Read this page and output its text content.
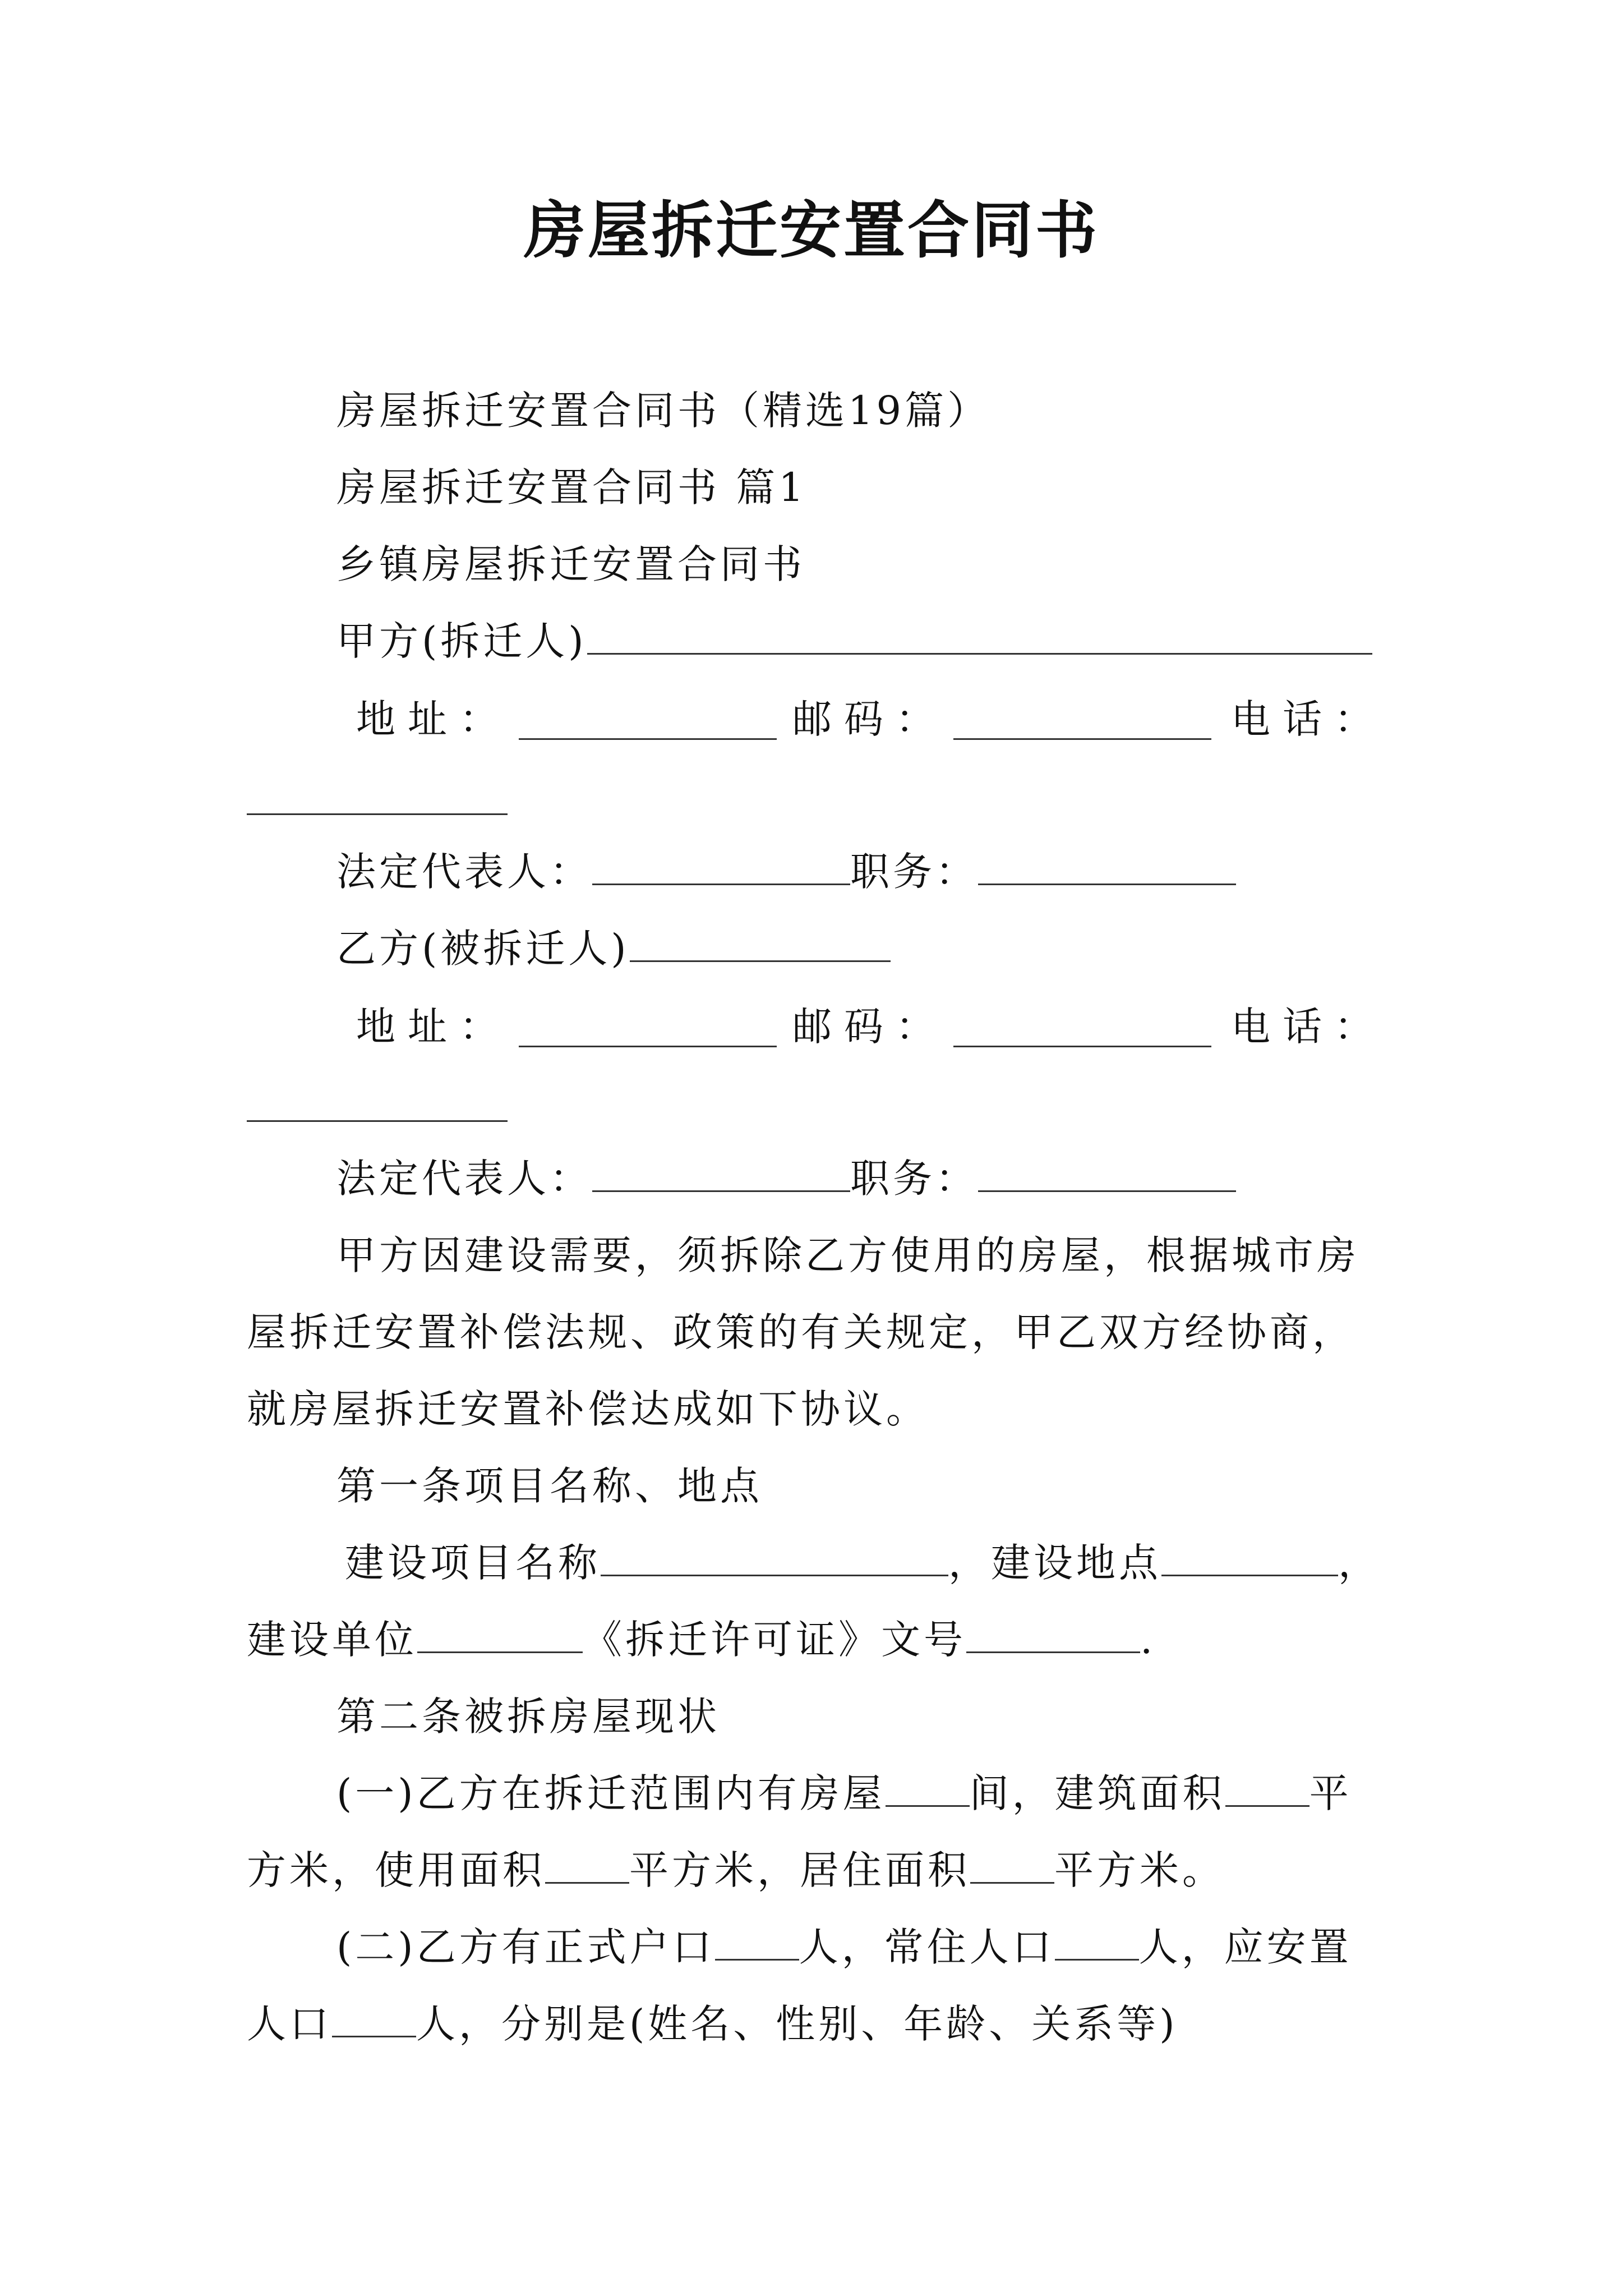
房屋拆迁安置合同书
房屋拆迁安置合同书（精选19篇）
房屋拆迁安置合同书 篇1
乡镇房屋拆迁安置合同书
甲方(拆迁人)
地址：	邮码：	电话：
法定代表人：	职务：
乙方(被拆迁人)
地址：	邮码：	电话：
法定代表人：	职务：
甲方因建设需要，须拆除乙方使用的房屋，根据城市房
屋拆迁安置补偿法规、政策的有关规定，甲乙双方经协商，
就房屋拆迁安置补偿达成如下协议。
第一条项目名称、地点
建设项目名称	，建设地点	，
建设单位	《拆迁许可证》文号	.
第二条被拆房屋现状
(一)乙方在拆迁范围内有房屋 间，建筑面积 平
方米，使用面积 平方米，居住面积 平方米。
(二)乙方有正式户口 人，常住人口 人，应安置
人口 人，分别是(姓名、性别、年龄、关系等)
